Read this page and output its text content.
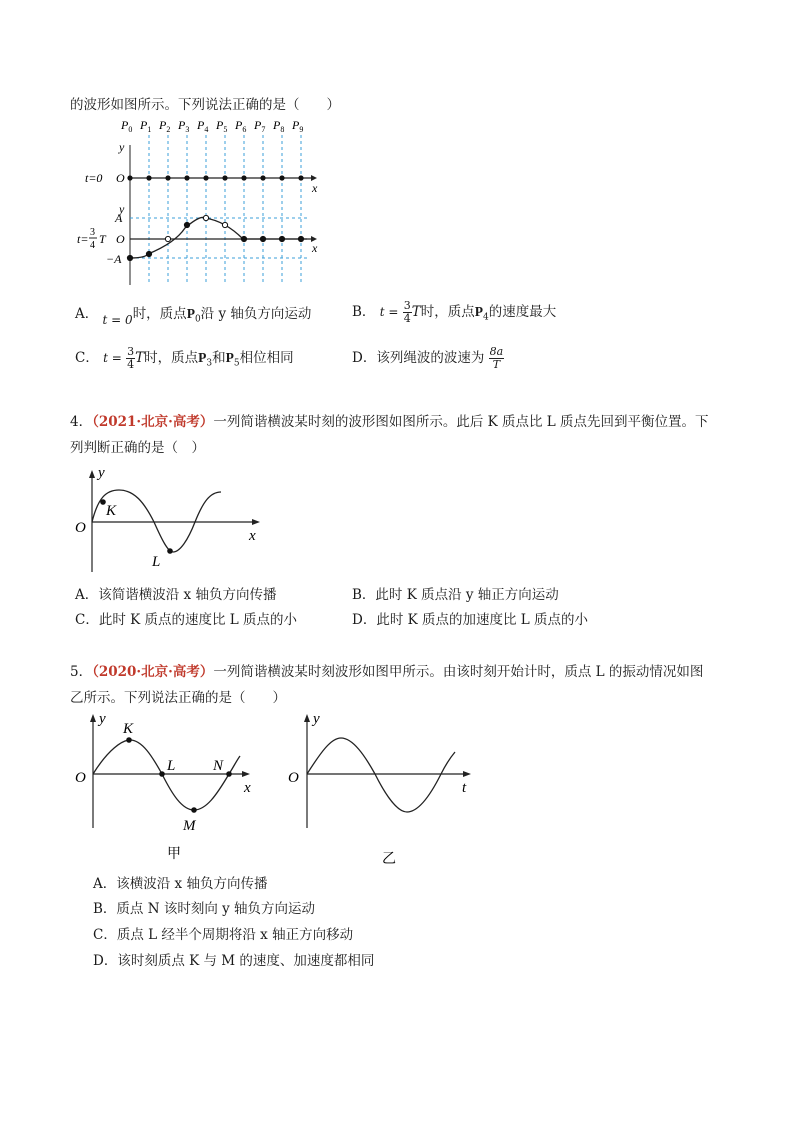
的波形如图所示。下列说法正确的是（　　）
$P_0$ $P_1$ $P_2$ $P_3$ $P_4$ $P_5$ $P_6$ $P_7$ $P_8$ $P_9$
y
t=0 O
x
y
A
−A
O
x
t= 3
4 T
A． t = 0时，质点$P_0$沿 y 轴负方向运动	B． $t = \frac{3}{4}$ T时，质点$P_4$的速度最大
C． $t = \frac{3}{4}$ T时，质点$P_3$和$P_5$相位相同	D．该列绳波的波速为 $\frac{8a}{T}$
4．（2021·北京·高考）一列简谐横波某时刻的波形图如图所示。此后 K 质点比 L 质点先回到平衡位置。下
列判断正确的是（　）
y
O
K
L
x
A．该简谐横波沿 x 轴负方向传播	B．此时 K 质点沿 y 轴正方向运动
C．此时 K 质点的速度比 L 质点的小	D．此时 K 质点的加速度比 L 质点的小
5．（2020·北京·高考）一列简谐横波某时刻波形如图甲所示。由该时刻开始计时，质点 L 的振动情况如图
乙所示。下列说法正确的是（　　）
y
O
K
L	N
M
x
甲
y
O
t
乙
A．该横波沿 x 轴负方向传播
B．质点 N 该时刻向 y 轴负方向运动
C．质点 L 经半个周期将沿 x 轴正方向移动
D．该时刻质点 K 与 M 的速度、加速度都相同
